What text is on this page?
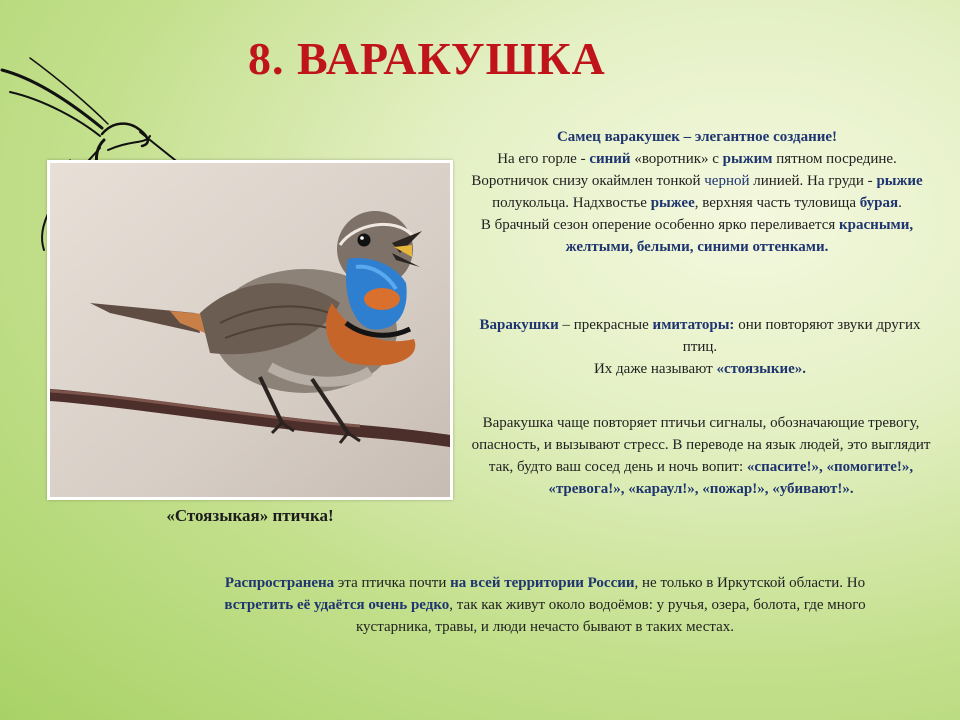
8. ВАРАКУШКА
«Стоязыкая» птичка!
Самец варакушек – элегантное создание!
На его горле - синий «воротник» с рыжим пятном посредине. Воротничок снизу окаймлен тонкой черной линией. На груди - рыжие полукольца. Надхвостье рыжее, верхняя часть туловища бурая.
В брачный сезон оперение особенно ярко переливается красными, желтыми, белыми, синими оттенками.
Варакушки – прекрасные имитаторы: они повторяют звуки других птиц.
Их даже называют «стоязыкие».
Варакушка чаще повторяет птичьи сигналы, обозначающие тревогу, опасность, и вызывают стресс. В переводе на язык людей, это выглядит так, будто ваш сосед день и ночь вопит: «спасите!», «помогите!», «тревога!», «караул!», «пожар!», «убивают!».
Распространена эта птичка почти на всей территории России, не только в Иркутской области. Но встретить её удаётся очень редко, так как живут около водоёмов: у ручья, озера, болота, где много кустарника, травы, и люди нечасто бывают в таких местах.
